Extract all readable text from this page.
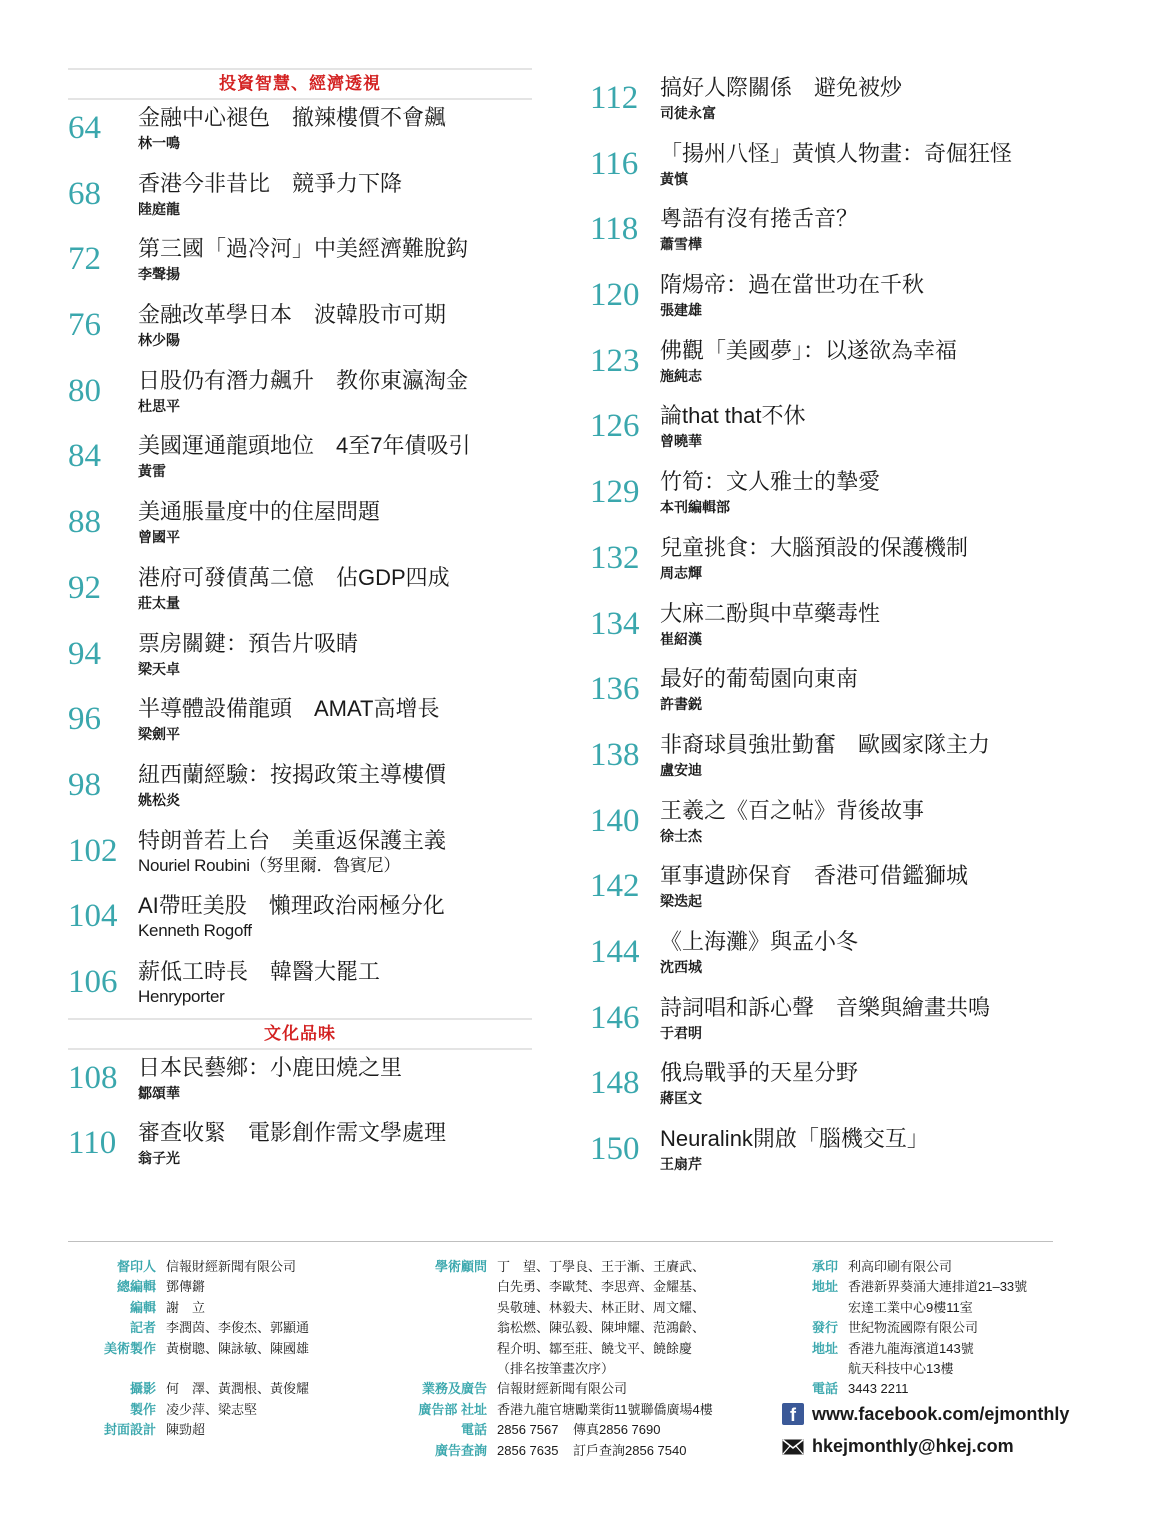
投資智慧、經濟透視
64 金融中心褪色　撤辣樓價不會飆
林一鳴
68 香港今非昔比　競爭力下降
陸庭龍
72 第三國「過冷河」中美經濟難脫鈎
李聲揚
76 金融改革學日本　波韓股市可期
林少陽
80 日股仍有潛力飆升　教你東瀛淘金
杜思平
84 美國運通龍頭地位　4至7年債吸引
黃雷
88 美通脹量度中的住屋問題
曾國平
92 港府可發債萬二億　佔GDP四成
莊太量
94 票房關鍵：預告片吸睛
梁天卓
96 半導體設備龍頭　AMAT高增長
梁劍平
98 紐西蘭經驗：按揭政策主導樓價
姚松炎
102 特朗普若上台　美重返保護主義
Nouriel Roubini（努里爾．魯賓尼）
104 AI帶旺美股　懶理政治兩極分化
Kenneth Rogoff
106 薪低工時長　韓醫大罷工
Henryporter
文化品味
108 日本民藝鄉：小鹿田燒之里
鄒頌華
110 審查收緊　電影創作需文學處理
翁子光
112 搞好人際關係　避免被炒
司徒永富
116 「揚州八怪」黃慎人物畫：奇倔狂怪
黃慎
118 粵語有沒有捲舌音？
蕭雪樺
120 隋煬帝：過在當世功在千秋
張建雄
123 佛觀「美國夢」：以遂欲為幸福
施純志
126 論that that不休
曾曉華
129 竹筍：文人雅士的摯愛
本刊編輯部
132 兒童挑食：大腦預設的保護機制
周志輝
134 大麻二酚與中草藥毒性
崔紹漢
136 最好的葡萄園向東南
許書鋭
138 非裔球員強壯勤奮　歐國家隊主力
盧安迪
140 王羲之《百之帖》背後故事
徐士杰
142 軍事遺跡保育　香港可借鑑獅城
梁迭起
144 《上海灘》與孟小冬
沈西城
146 詩詞唱和訴心聲　音樂與繪畫共鳴
于君明
148 俄烏戰爭的天星分野
蔣匡文
150 Neuralink開啟「腦機交互」
王扇芹
督印人 信報財經新聞有限公司
總編輯 鄧傳鏘
編輯 謝　立
記者 李潤茵、李俊杰、郭顯通
美術製作 黃樹聰、陳詠敏、陳國雄
攝影 何　澤、黃潤根、黃俊耀
製作 凌少萍、梁志堅
封面設計 陳勁超
學術顧問 丁　望、丁學良、王于漸、王賡武、
白先勇、李歐梵、李思齊、金耀基、
吳敬璉、林毅夫、林正財、周文耀、
翁松燃、陳弘毅、陳坤耀、范鴻齡、
程介明、鄒至莊、饒戈平、饒餘慶
（排名按筆畫次序）
業務及廣告 信報財經新聞有限公司
廣告部 社址 香港九龍官塘勵業街11號聯僑廣場4樓
電話 2856 7567 傳真2856 7690
廣告查詢 2856 7635 訂戶查詢2856 7540
承印 利高印刷有限公司
地址 香港新界葵涌大連排道21–33號
宏達工業中心9樓11室
發行 世紀物流國際有限公司
地址 香港九龍海濱道143號
航天科技中心13樓
電話 3443 2211
f www.facebook.com/ejmonthly
hkejmonthly@hkej.com
